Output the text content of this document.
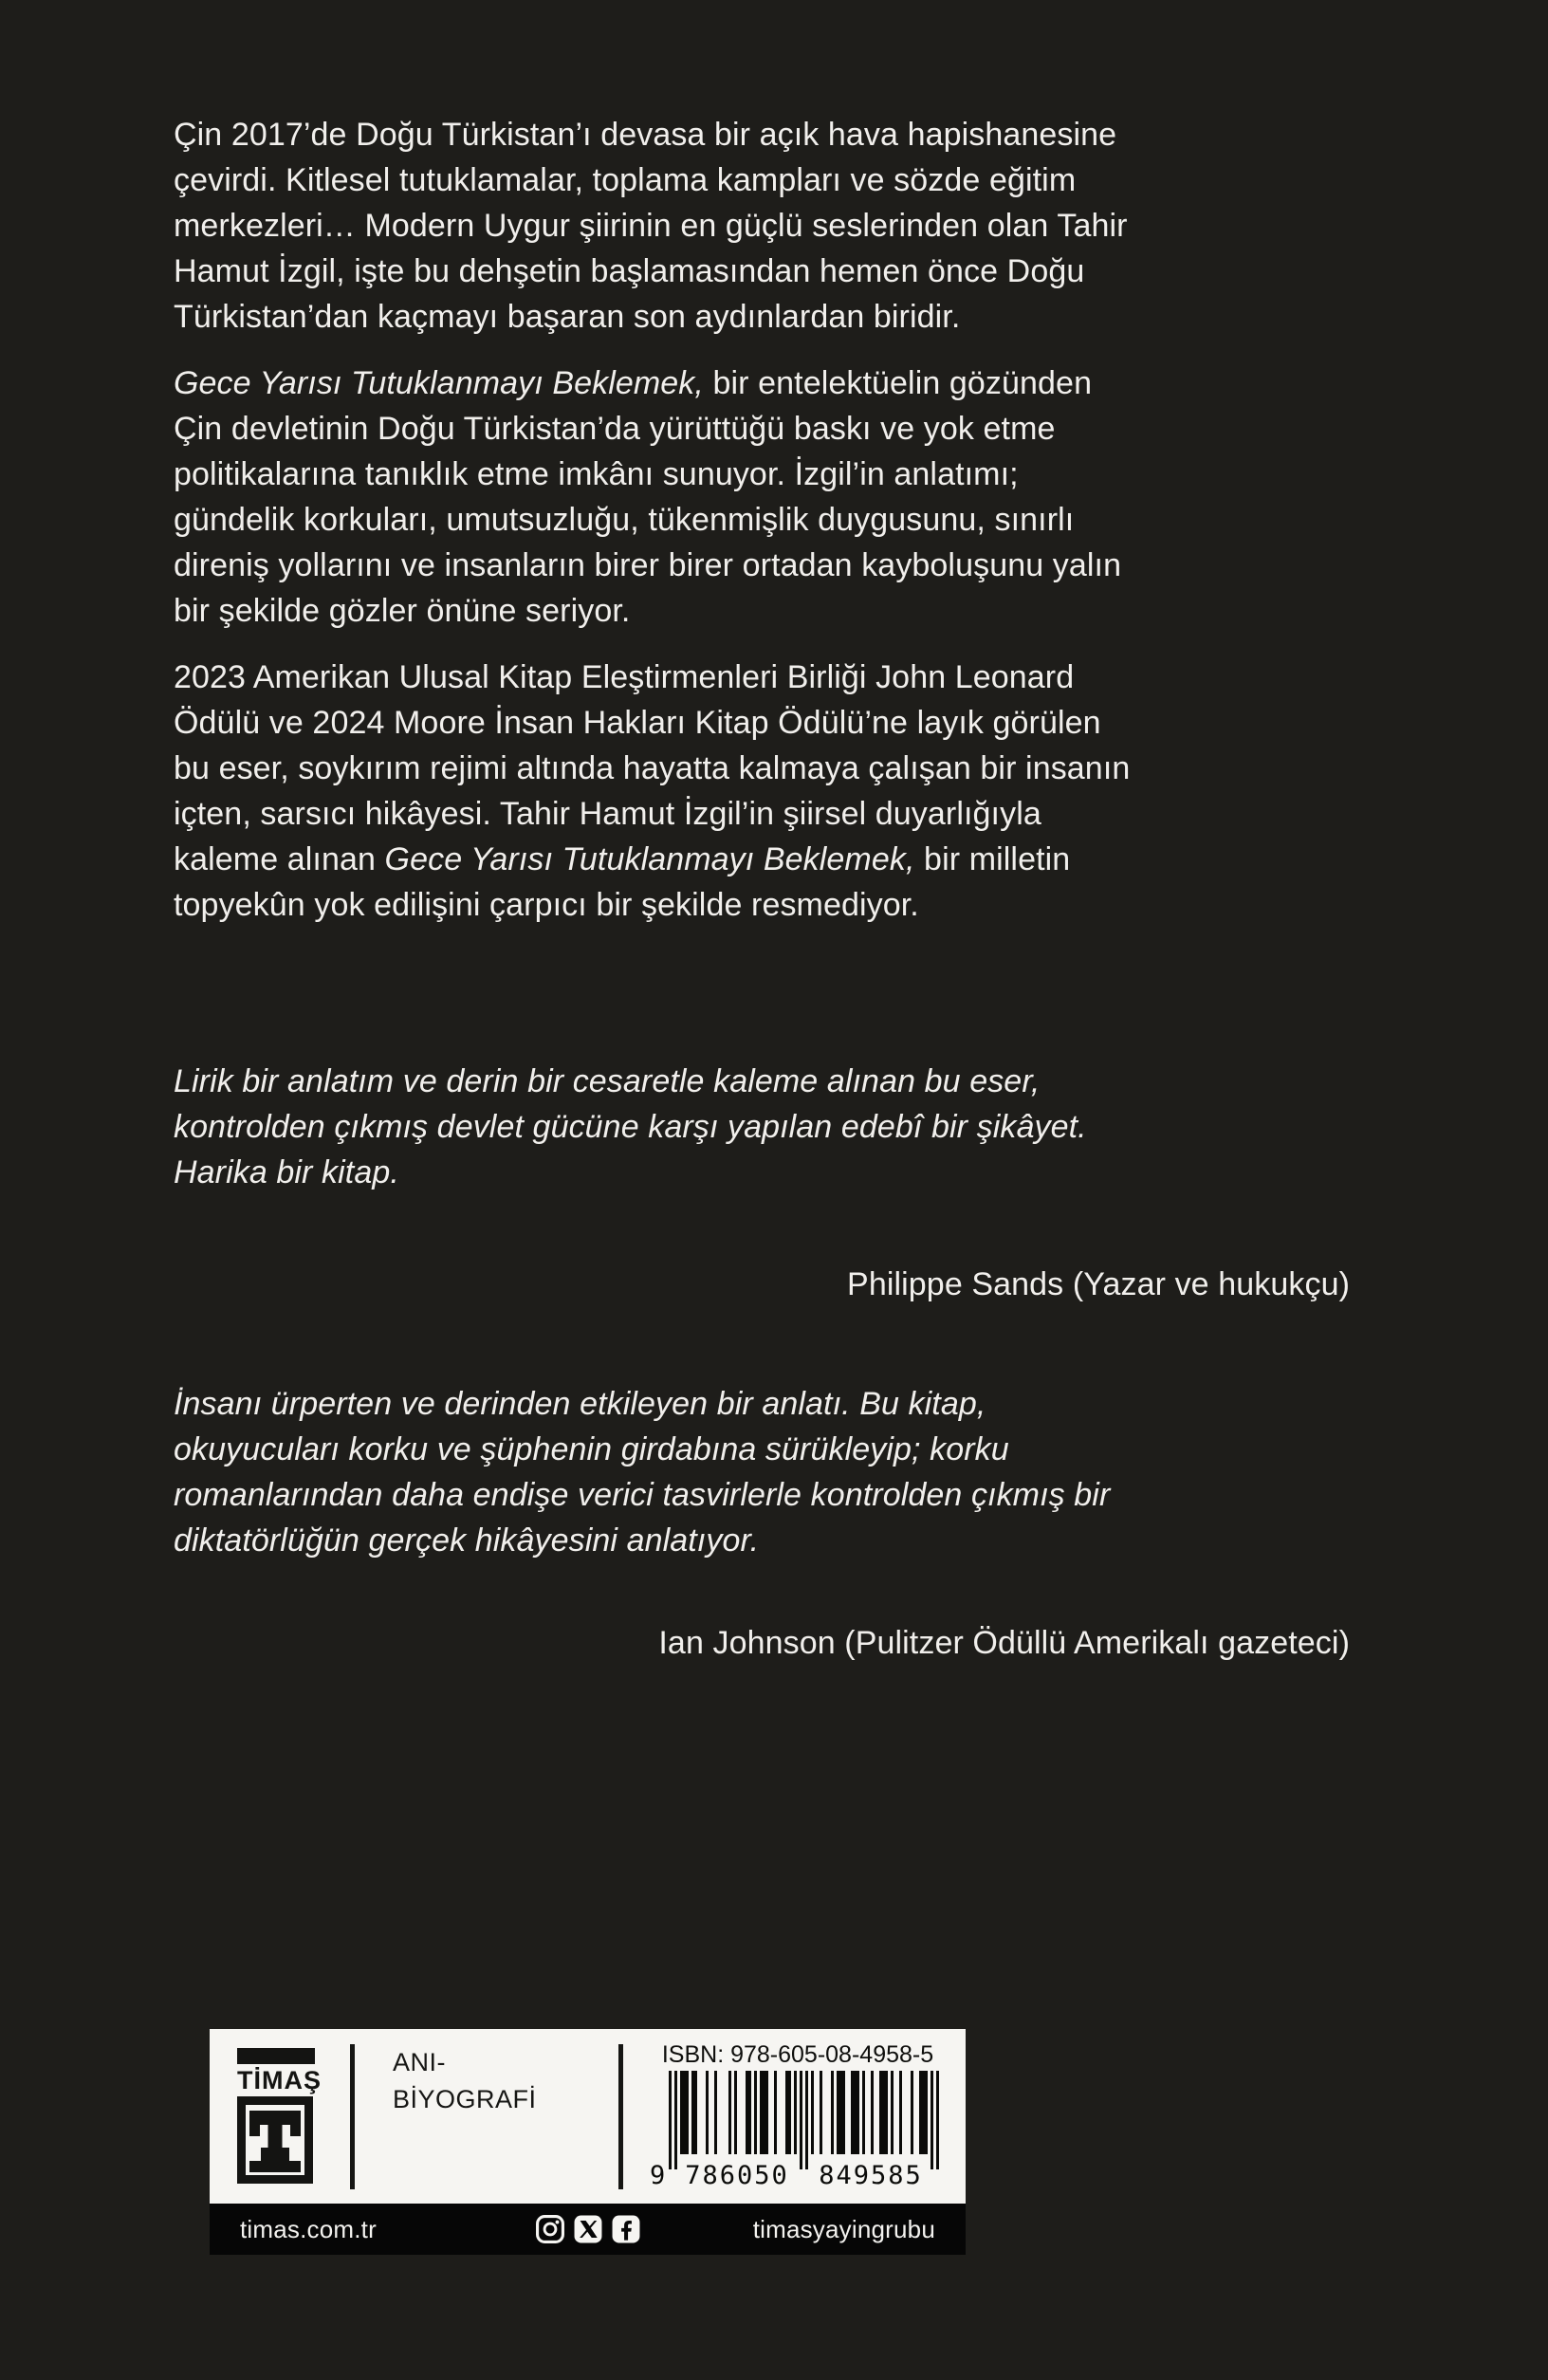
Çin 2017’de Doğu Türkistan’ı devasa bir açık hava hapishanesine
çevirdi. Kitlesel tutuklamalar, toplama kampları ve sözde eğitim
merkezleri… Modern Uygur şiirinin en güçlü seslerinden olan Tahir
Hamut İzgil, işte bu dehşetin başlamasından hemen önce Doğu
Türkistan’dan kaçmayı başaran son aydınlardan biridir.

Gece Yarısı Tutuklanmayı Beklemek, bir entelektüelin gözünden
Çin devletinin Doğu Türkistan’da yürüttüğü baskı ve yok etme
politikalarına tanıklık etme imkânı sunuyor. İzgil’in anlatımı;
gündelik korkuları, umutsuzluğu, tükenmişlik duygusunu, sınırlı
direniş yollarını ve insanların birer birer ortadan kayboluşunu yalın
bir şekilde gözler önüne seriyor.

2023 Amerikan Ulusal Kitap Eleştirmenleri Birliği John Leonard
Ödülü ve 2024 Moore İnsan Hakları Kitap Ödülü’ne layık görülen
bu eser, soykırım rejimi altında hayatta kalmaya çalışan bir insanın
içten, sarsıcı hikâyesi. Tahir Hamut İzgil’in şiirsel duyarlığıyla
kaleme alınan Gece Yarısı Tutuklanmayı Beklemek, bir milletin
topyekûn yok edilişini çarpıcı bir şekilde resmediyor.

Lirik bir anlatım ve derin bir cesaretle kaleme alınan bu eser,
kontrolden çıkmış devlet gücüne karşı yapılan edebî bir şikâyet.
Harika bir kitap.
Philippe Sands (Yazar ve hukukçu)
İnsanı ürperten ve derinden etkileyen bir anlatı. Bu kitap,
okuyucuları korku ve şüphenin girdabına sürükleyip; korku
romanlarından daha endişe verici tasvirlerle kontrolden çıkmış bir
diktatörlüğün gerçek hikâyesini anlatıyor.
Ian Johnson (Pulitzer Ödüllü Amerikalı gazeteci)
TİMAŞ
ANI-
BİYOGRAFİ
ISBN: 978-605-08-4958-5
9 786050 849585
timas.com.tr	timasyayingrubu
